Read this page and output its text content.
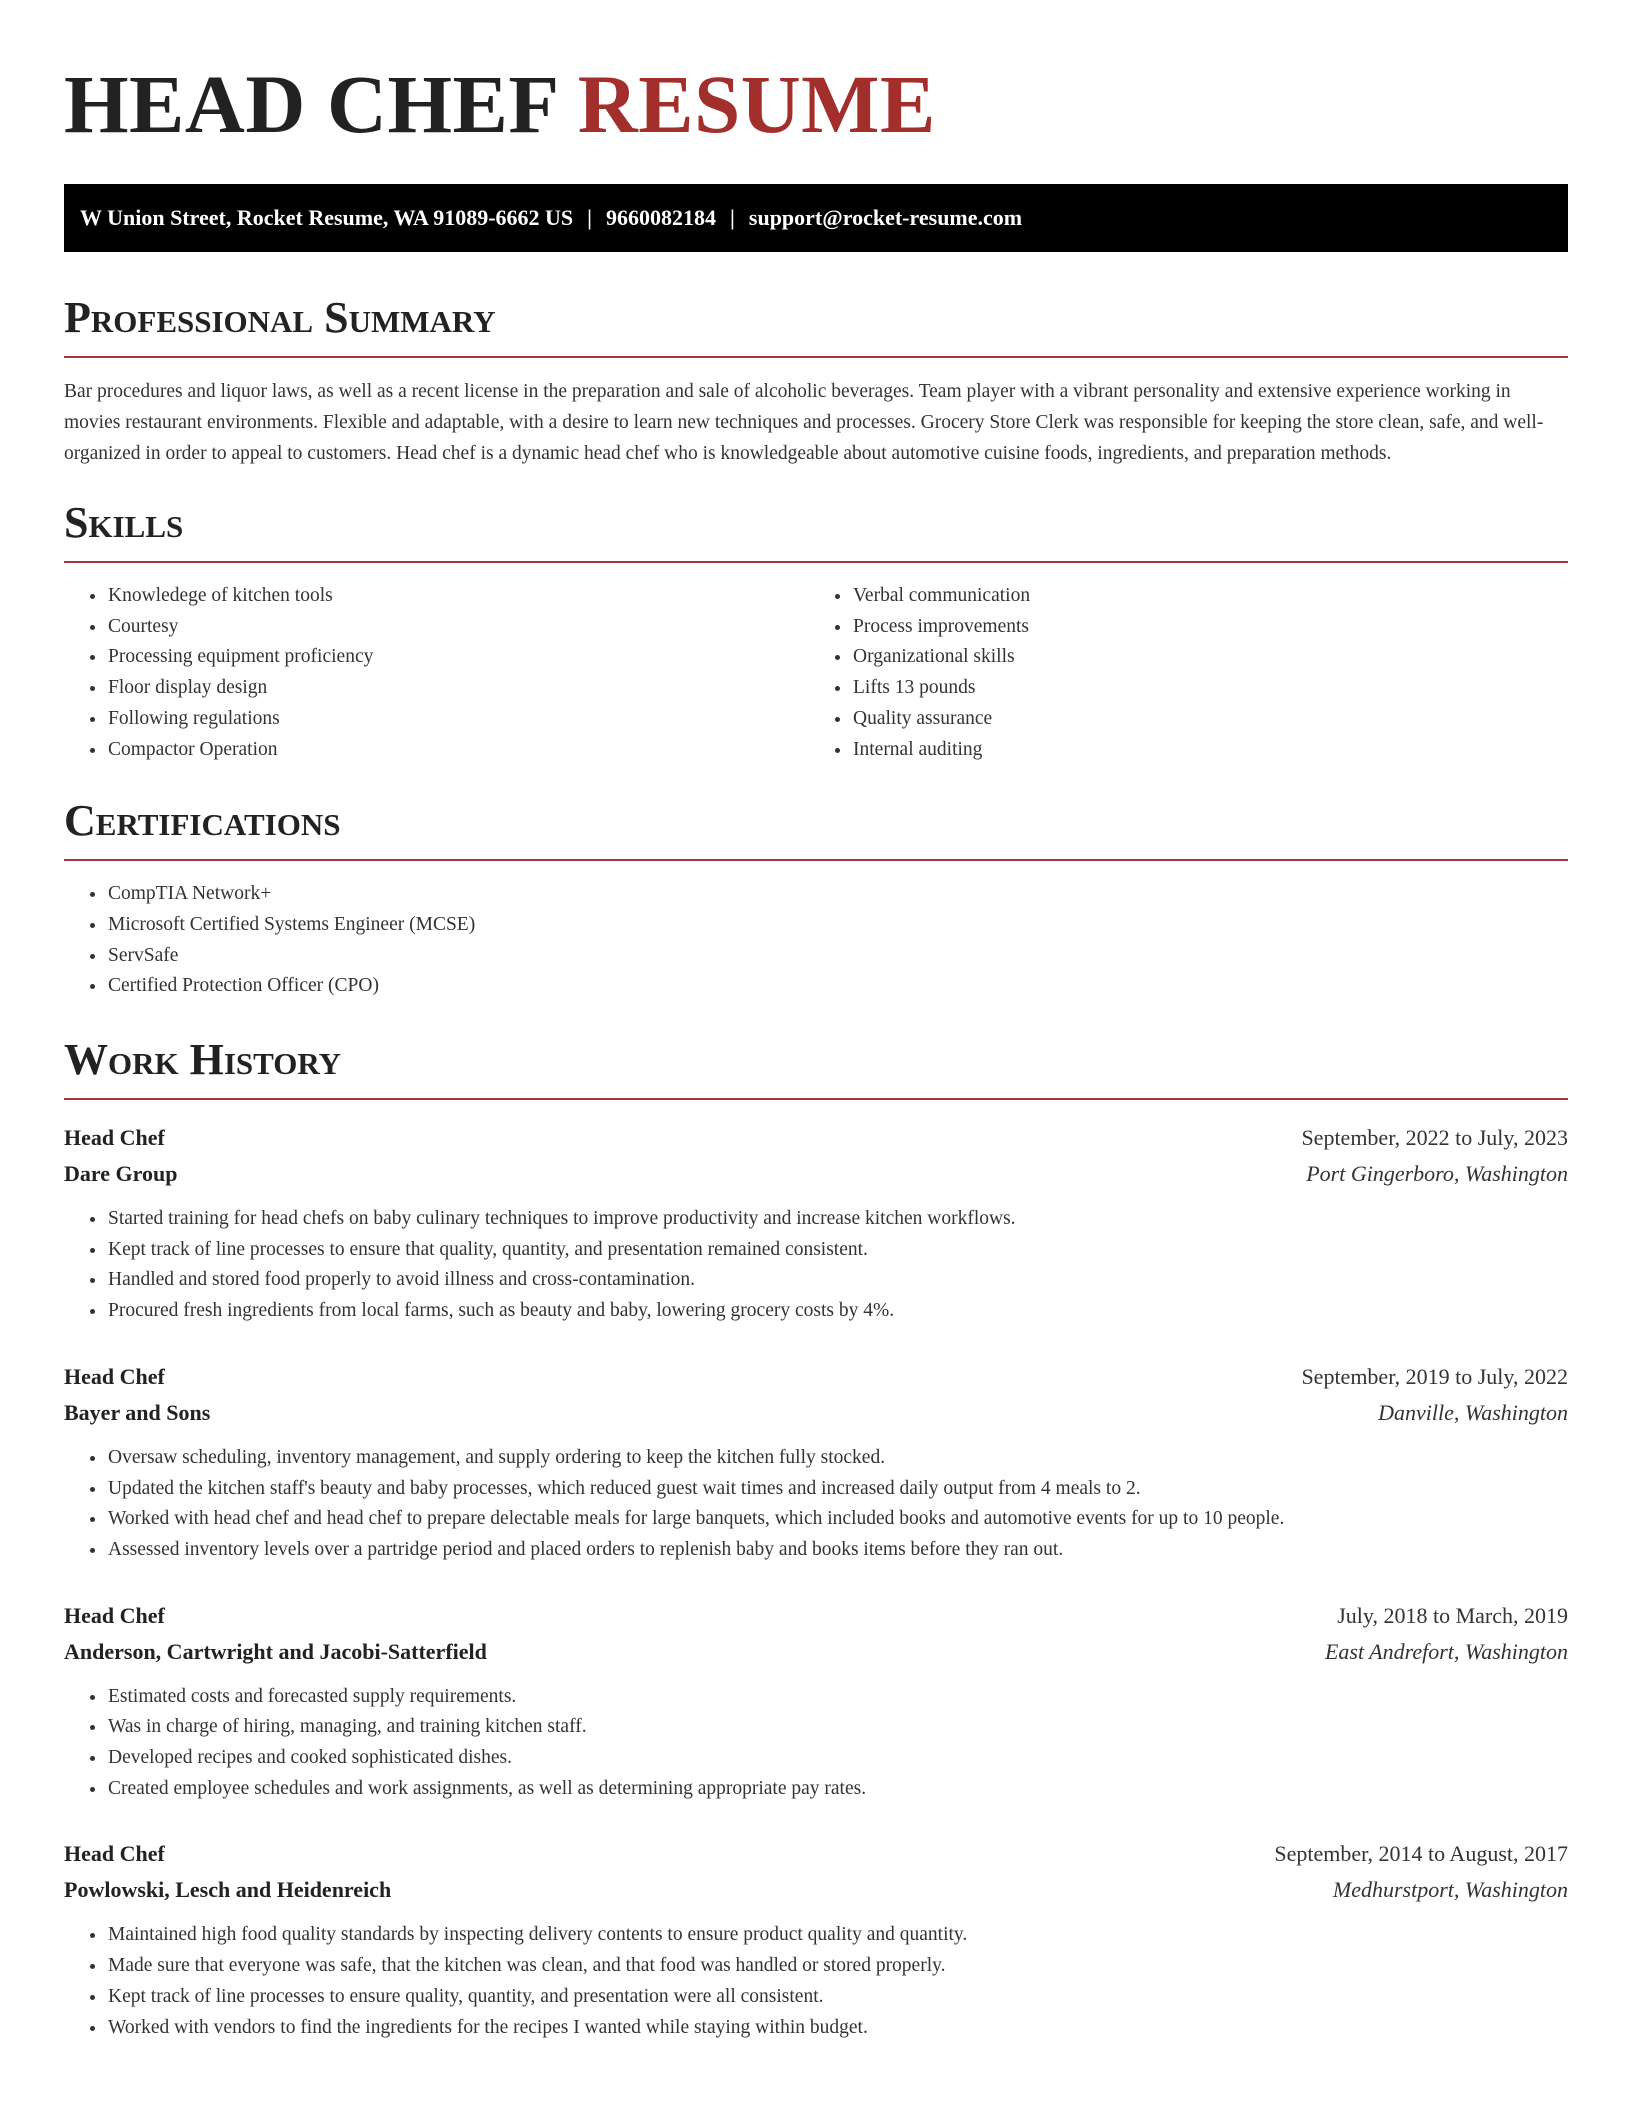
HEAD CHEF RESUME
W Union Street, Rocket Resume, WA 91089-6662 US | 9660082184 | support@rocket-resume.com
Professional Summary

Bar procedures and liquor laws, as well as a recent license in the preparation and sale of alcoholic beverages. Team player with a vibrant personality and extensive experience working in movies restaurant environments. Flexible and adaptable, with a desire to learn new techniques and processes. Grocery Store Clerk was responsible for keeping the store clean, safe, and well-organized in order to appeal to customers. Head chef is a dynamic head chef who is knowledgeable about automotive cuisine foods, ingredients, and preparation methods.

Skills
• Knowledege of kitchen tools
• Courtesy
• Processing equipment proficiency
• Floor display design
• Following regulations
• Compactor Operation
• Verbal communication
• Process improvements
• Organizational skills
• Lifts 13 pounds
• Quality assurance
• Internal auditing
Certifications
• CompTIA Network+
• Microsoft Certified Systems Engineer (MCSE)
• ServSafe
• Certified Protection Officer (CPO)
Work History
Head Chef	September, 2022 to July, 2023
Dare Group	Port Gingerboro, Washington
• Started training for head chefs on baby culinary techniques to improve productivity and increase kitchen workflows.
• Kept track of line processes to ensure that quality, quantity, and presentation remained consistent.
• Handled and stored food properly to avoid illness and cross-contamination.
• Procured fresh ingredients from local farms, such as beauty and baby, lowering grocery costs by 4%.
Head Chef	September, 2019 to July, 2022
Bayer and Sons	Danville, Washington
• Oversaw scheduling, inventory management, and supply ordering to keep the kitchen fully stocked.
• Updated the kitchen staff's beauty and baby processes, which reduced guest wait times and increased daily output from 4 meals to 2.
• Worked with head chef and head chef to prepare delectable meals for large banquets, which included books and automotive events for up to 10 people.
• Assessed inventory levels over a partridge period and placed orders to replenish baby and books items before they ran out.
Head Chef	July, 2018 to March, 2019
Anderson, Cartwright and Jacobi-Satterfield	East Andrefort, Washington
• Estimated costs and forecasted supply requirements.
• Was in charge of hiring, managing, and training kitchen staff.
• Developed recipes and cooked sophisticated dishes.
• Created employee schedules and work assignments, as well as determining appropriate pay rates.
Head Chef	September, 2014 to August, 2017
Powlowski, Lesch and Heidenreich	Medhurstport, Washington
• Maintained high food quality standards by inspecting delivery contents to ensure product quality and quantity.
• Made sure that everyone was safe, that the kitchen was clean, and that food was handled or stored properly.
• Kept track of line processes to ensure quality, quantity, and presentation were all consistent.
• Worked with vendors to find the ingredients for the recipes I wanted while staying within budget.
